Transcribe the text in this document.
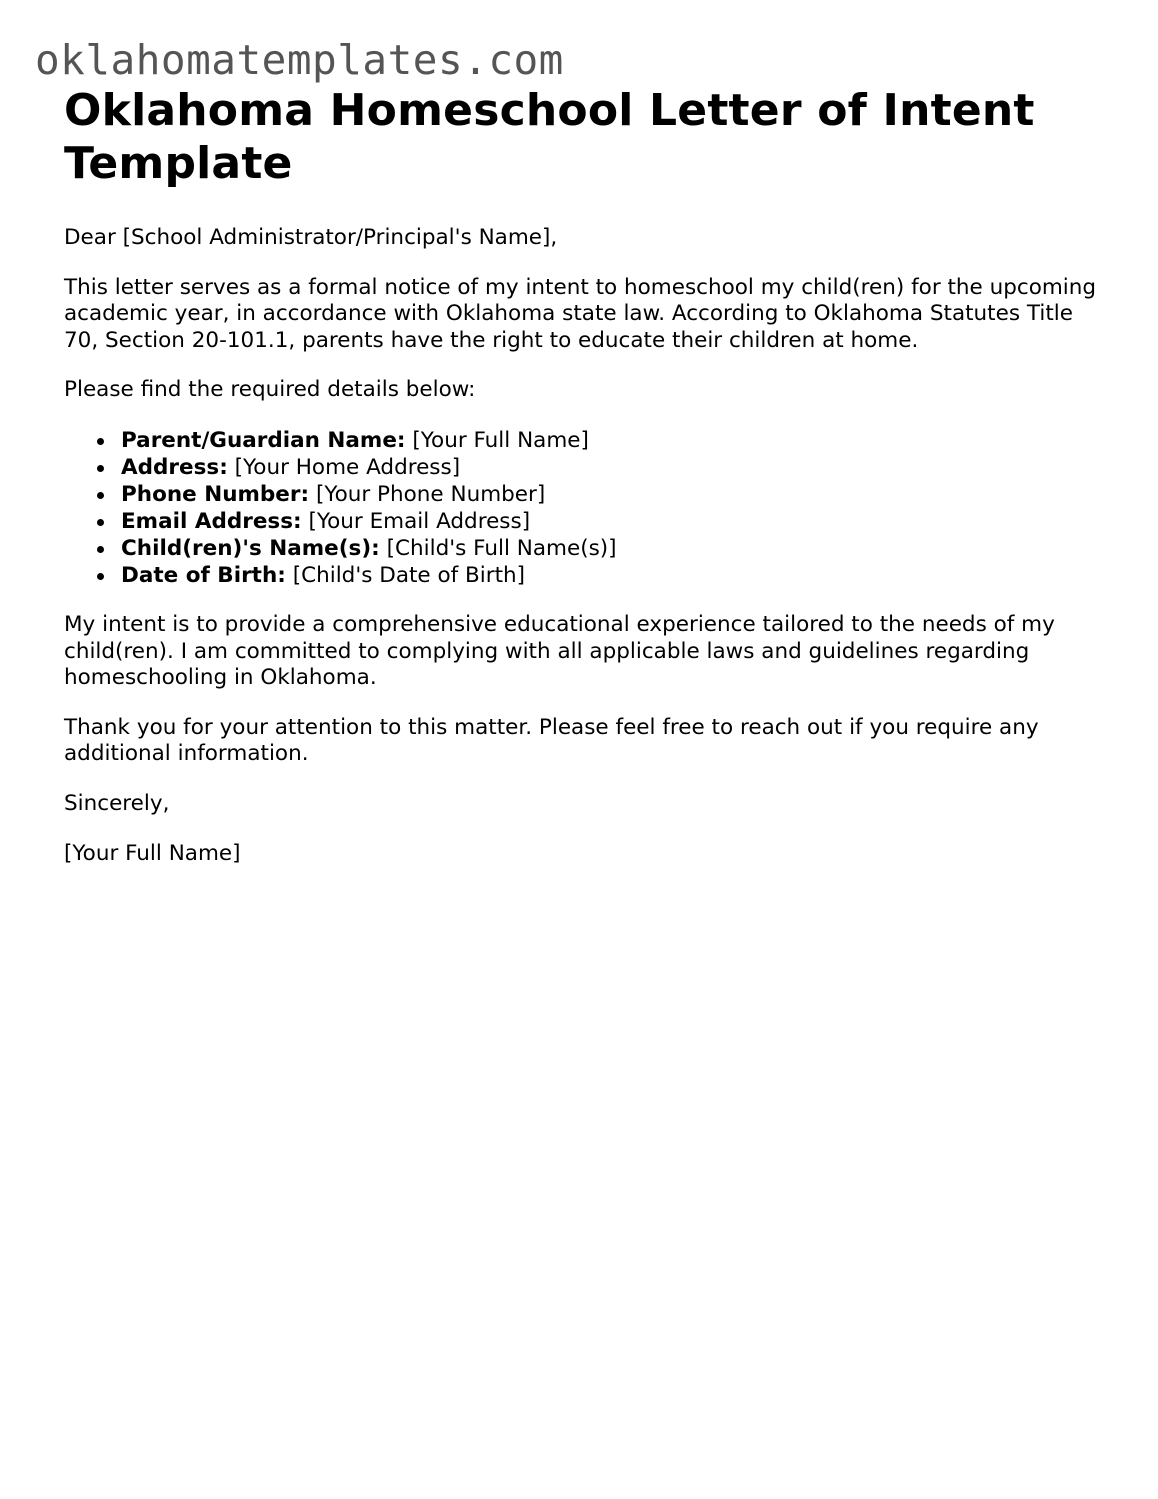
oklahomatemplates.com
Oklahoma Homeschool Letter of Intent Template

Dear [School Administrator/Principal's Name],

This letter serves as a formal notice of my intent to homeschool my child(ren) for the upcoming academic year, in accordance with Oklahoma state law. According to Oklahoma Statutes Title 70, Section 20-101.1, parents have the right to educate their children at home.

Please find the required details below:

Parent/Guardian Name: [Your Full Name]
Address: [Your Home Address]
Phone Number: [Your Phone Number]
Email Address: [Your Email Address]
Child(ren)'s Name(s): [Child's Full Name(s)]
Date of Birth: [Child's Date of Birth]

My intent is to provide a comprehensive educational experience tailored to the needs of my child(ren). I am committed to complying with all applicable laws and guidelines regarding homeschooling in Oklahoma.

Thank you for your attention to this matter. Please feel free to reach out if you require any additional information.

Sincerely,

[Your Full Name]
